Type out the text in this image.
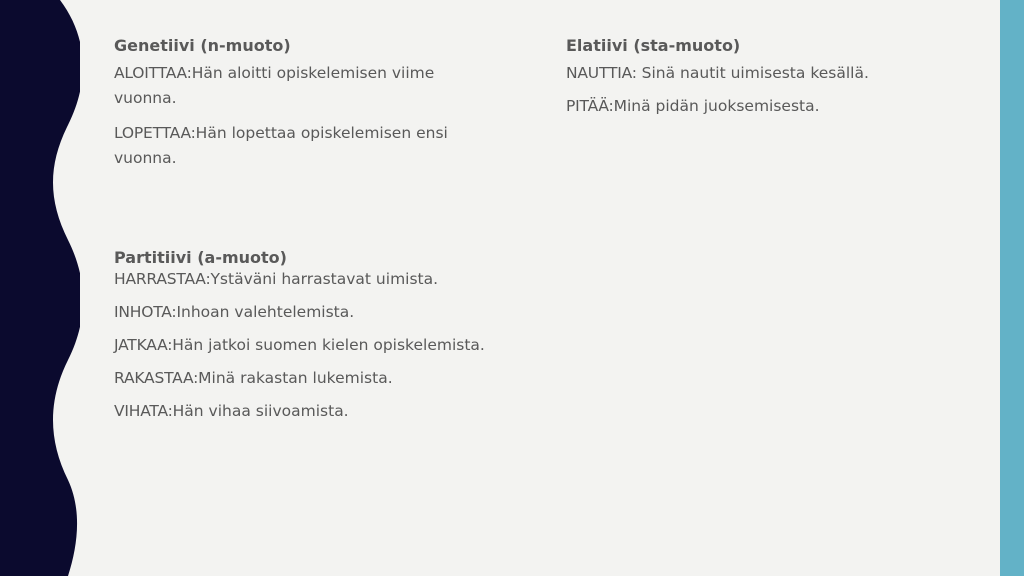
Genetiivi (n-muoto)

ALOITTAA:Hän aloitti opiskelemisen viime vuonna.

LOPETTAA:Hän lopettaa opiskelemisen ensi vuonna.

Elatiivi (sta-muoto)

NAUTTIA: Sinä nautit uimisesta kesällä.

PITÄÄ:Minä pidän juoksemisesta.

Partitiivi (a-muoto)

HARRASTAA:Ystäväni harrastavat uimista.

INHOTA:Inhoan valehtelemista.

JATKAA:Hän jatkoi suomen kielen opiskelemista.

RAKASTAA:Minä rakastan lukemista.

VIHATA:Hän vihaa siivoamista.
